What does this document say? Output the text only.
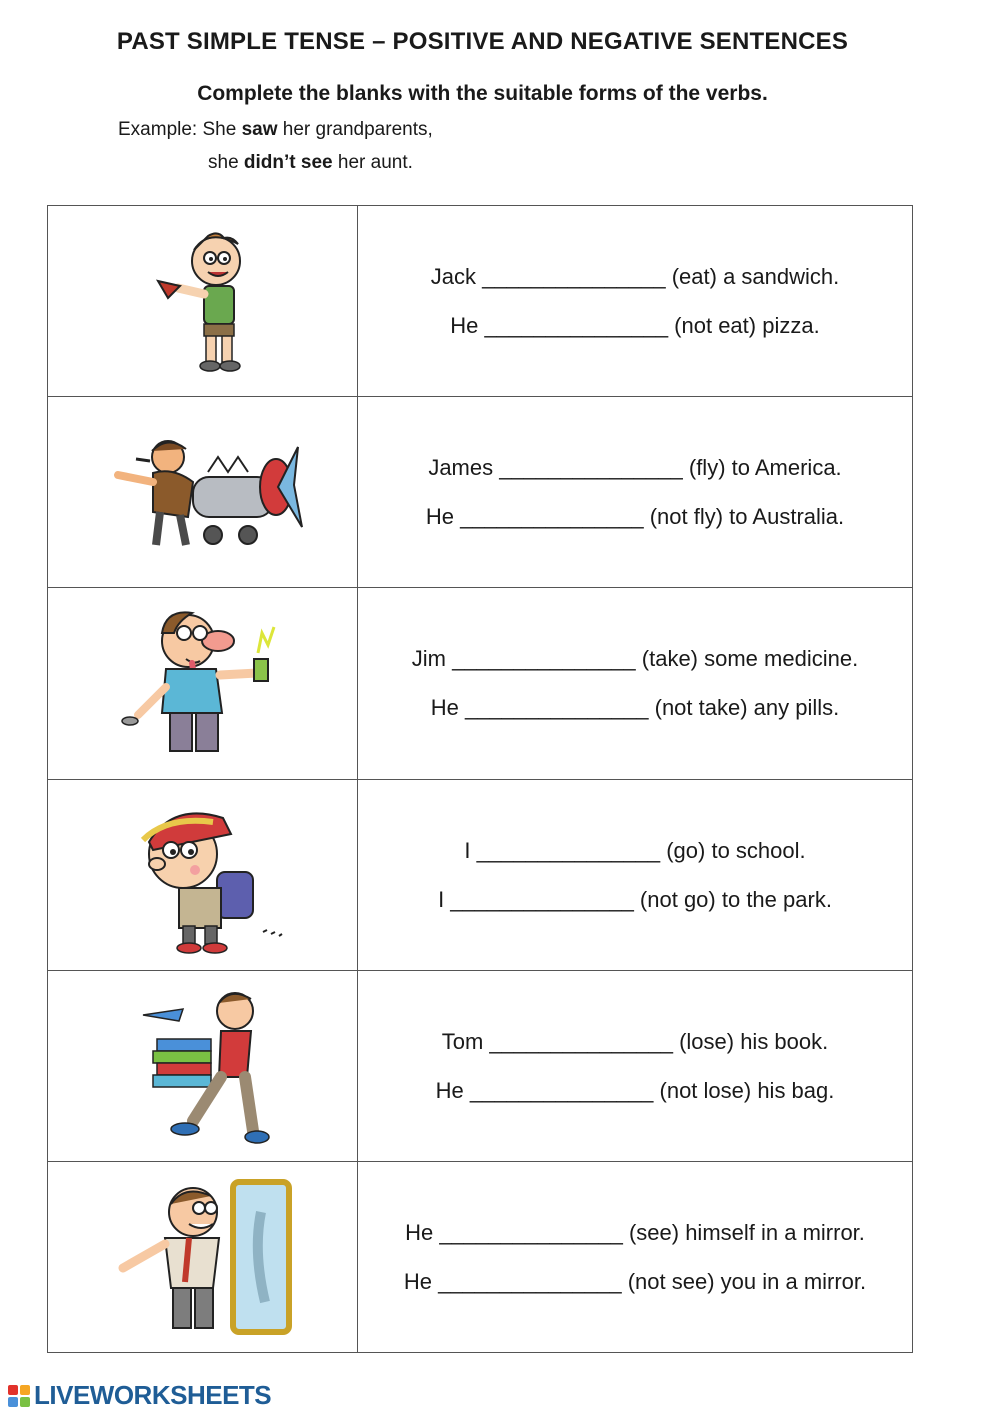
PAST SIMPLE TENSE – POSITIVE AND NEGATIVE SENTENCES
Complete the blanks with the suitable forms of the verbs.
Example: She saw her grandparents,
she didn’t see her aunt.
Jack _______________ (eat) a sandwich.
He _______________ (not eat) pizza.
James _______________ (fly) to America.
He _______________ (not fly) to Australia.
Jim _______________ (take) some medicine.
He _______________ (not take) any pills.
I _______________ (go) to school.
I _______________ (not go) to the park.
Tom _______________ (lose) his book.
He _______________ (not lose) his bag.
He _______________ (see) himself in a mirror.
He _______________ (not see) you in a mirror.
LIVEWORKSHEETS
